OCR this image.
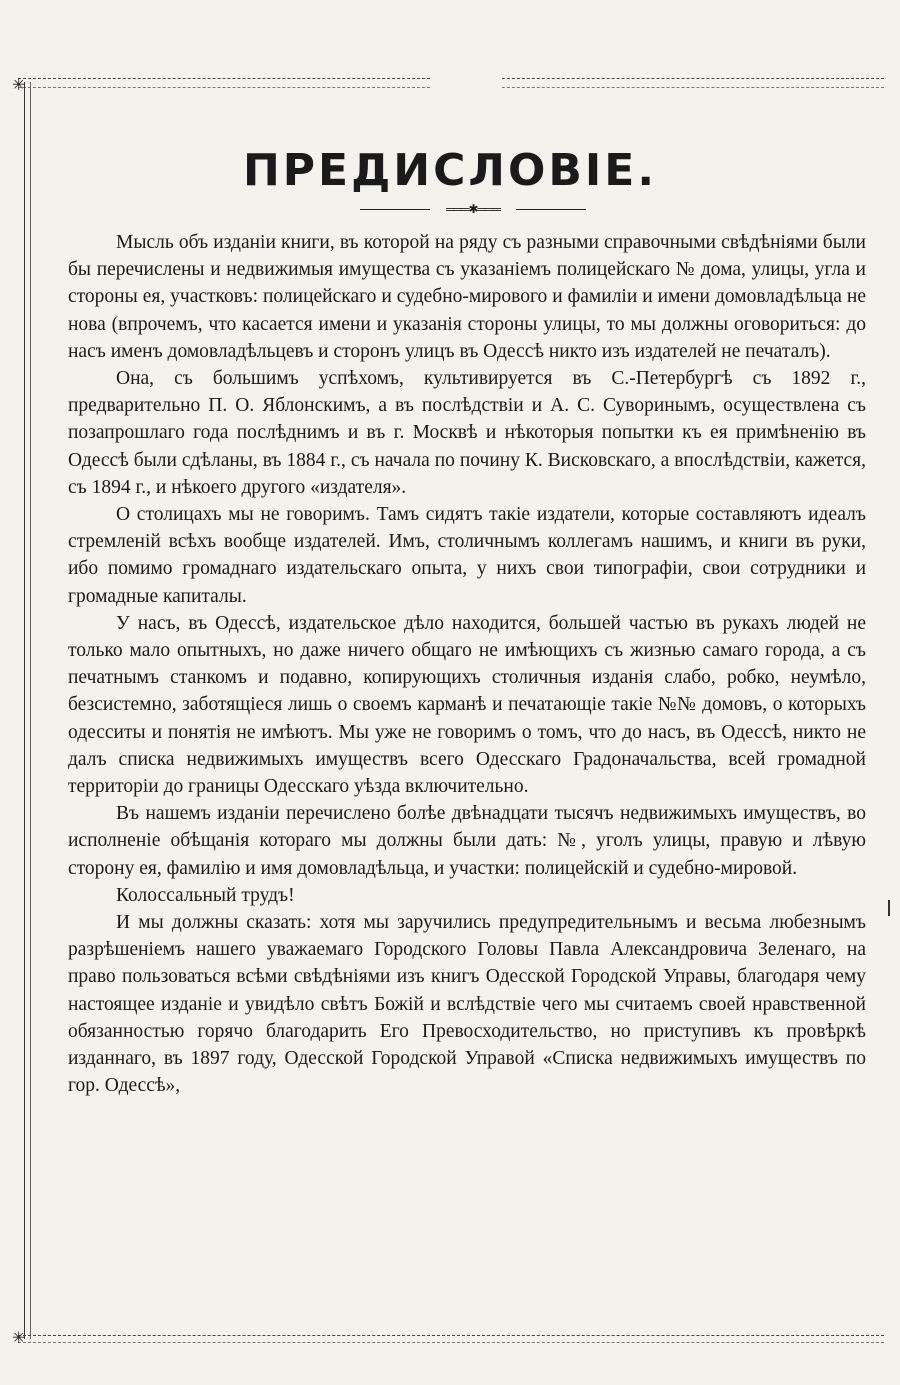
✳
✳
ПРЕДИСЛОВІЕ.
═══✱═══

Мысль объ изданіи книги, въ которой на ряду съ разными справочными свѣдѣніями были бы перечислены и недвижимыя имущества съ указаніемъ полицейскаго № дома, улицы, угла и стороны ея, участковъ: полицейскаго и судебно-мирового и фамиліи и имени домовладѣльца не нова (впрочемъ, что касается имени и указанія стороны улицы, то мы должны оговориться: до насъ именъ домовладѣльцевъ и сторонъ улицъ въ Одессѣ никто изъ издателей не печаталъ).

Она, съ большимъ успѣхомъ, культивируется въ С.-Петербургѣ съ 1892 г., предварительно П. О. Яблонскимъ, а въ послѣдствіи и А. С. Суворинымъ, осуществлена съ позапрошлаго года послѣднимъ и въ г. Москвѣ и нѣкоторыя попытки къ ея примѣненію въ Одессѣ были сдѣланы, въ 1884 г., съ начала по почину К. Висковскаго, а впослѣдствіи, кажется, съ 1894 г., и нѣкоего другого «издателя».

О столицахъ мы не говоримъ. Тамъ сидятъ такіе издатели, которые составляютъ идеалъ стремленій всѣхъ вообще издателей. Имъ, столичнымъ коллегамъ нашимъ, и книги въ руки, ибо помимо громаднаго издательскаго опыта, у нихъ свои типографіи, свои сотрудники и громадные капиталы.

У насъ, въ Одессѣ, издательское дѣло находится, большей частью въ рукахъ людей не только мало опытныхъ, но даже ничего общаго не имѣющихъ съ жизнью самаго города, а съ печатнымъ станкомъ и подавно, копирующихъ столичныя изданія слабо, робко, неумѣло, безсистемно, заботящіеся лишь о своемъ карманѣ и печатающіе такіе №№ домовъ, о которыхъ одесситы и понятія не имѣютъ. Мы уже не говоримъ о томъ, что до насъ, въ Одессѣ, никто не далъ списка недвижимыхъ имуществъ всего Одесскаго Градоначальства, всей громадной территоріи до границы Одесскаго уѣзда включительно.

Въ нашемъ изданіи перечислено болѣе двѣнадцати тысячъ недвижимыхъ имуществъ, во исполненіе обѣщанія котораго мы должны были дать: №, уголъ улицы, правую и лѣвую сторону ея, фамилію и имя домовладѣльца, и участки: полицейскій и судебно-мировой.

Колоссальный трудъ!

И мы должны сказать: хотя мы заручились предупредительнымъ и весьма любезнымъ разрѣшеніемъ нашего уважаемаго Городского Головы Павла Александровича Зеленаго, на право пользоваться всѣми свѣдѣніями изъ книгъ Одесской Городской Управы, благодаря чему настоящее изданіе и увидѣло свѣтъ Божій и вслѣдствіе чего мы считаемъ своей нравственной обязанностью горячо благодарить Его Превосходительство, но приступивъ къ провѣркѣ изданнаго, въ 1897 году, Одесской Городской Управой «Списка недвижимыхъ имуществъ по гор. Одессѣ»,
